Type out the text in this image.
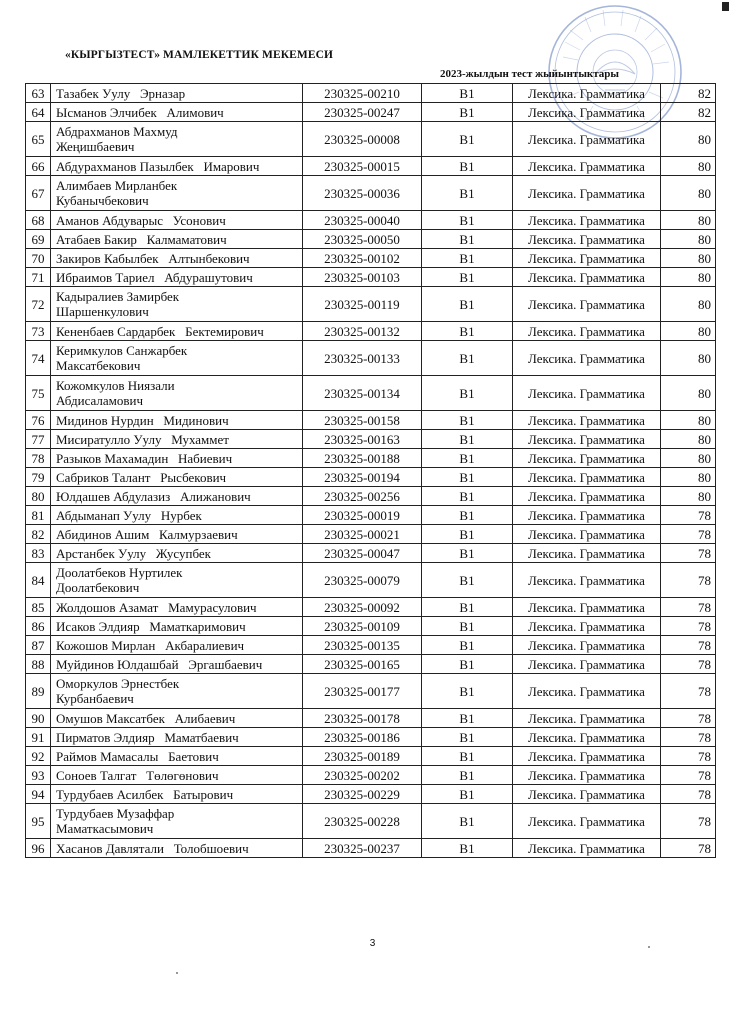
«КЫРГЫЗТЕСТ» МАМЛЕКЕТТИК МЕКЕМЕСИ
2023-жылдын тест жыйынтыктары
63	Тазабек Уулу   Эрназар	230325-00210	B1	Лексика. Грамматика	82
64	Ысманов Элчибек   Алимович	230325-00247	B1	Лексика. Грамматика	82
65	Абдрахманов Махмуд
Жеңишбаевич	230325-00008	B1	Лексика. Грамматика	80
66	Абдурахманов Пазылбек   Имарович	230325-00015	B1	Лексика. Грамматика	80
67	Алимбаев Мирланбек
Кубанычбекович	230325-00036	B1	Лексика. Грамматика	80
68	Аманов Абдуварыс   Усонович	230325-00040	B1	Лексика. Грамматика	80
69	Атабаев Бакир   Калмаматович	230325-00050	B1	Лексика. Грамматика	80
70	Закиров Кабылбек   Алтынбекович	230325-00102	B1	Лексика. Грамматика	80
71	Ибраимов Тариел   Абдурашутович	230325-00103	B1	Лексика. Грамматика	80
72	Кадыралиев Замирбек
Шаршенкулович	230325-00119	B1	Лексика. Грамматика	80
73	Кененбаев Сардарбек   Бектемирович	230325-00132	B1	Лексика. Грамматика	80
74	Керимкулов Санжарбек
Максатбекович	230325-00133	B1	Лексика. Грамматика	80
75	Кожомкулов Ниязали
Абдисаламович	230325-00134	B1	Лексика. Грамматика	80
76	Мидинов Нурдин   Мидинович	230325-00158	B1	Лексика. Грамматика	80
77	Мисиратулло Уулу   Мухаммет	230325-00163	B1	Лексика. Грамматика	80
78	Разыков Махамадин   Набиевич	230325-00188	B1	Лексика. Грамматика	80
79	Сабриков Талант   Рысбекович	230325-00194	B1	Лексика. Грамматика	80
80	Юлдашев Абдулазиз   Алижанович	230325-00256	B1	Лексика. Грамматика	80
81	Абдыманап Уулу   Нурбек	230325-00019	B1	Лексика. Грамматика	78
82	Абидинов Ашим   Калмурзаевич	230325-00021	B1	Лексика. Грамматика	78
83	Арстанбек Уулу   Жусупбек	230325-00047	B1	Лексика. Грамматика	78
84	Доолатбеков Нуртилек
Доолатбекович	230325-00079	B1	Лексика. Грамматика	78
85	Жолдошов Азамат   Мамурасулович	230325-00092	B1	Лексика. Грамматика	78
86	Исаков Элдияр   Маматкаримович	230325-00109	B1	Лексика. Грамматика	78
87	Кожошов Мирлан   Акбаралиевич	230325-00135	B1	Лексика. Грамматика	78
88	Муйдинов Юлдашбай   Эргашбаевич	230325-00165	B1	Лексика. Грамматика	78
89	Оморкулов Эрнестбек
Курбанбаевич	230325-00177	B1	Лексика. Грамматика	78
90	Омушов Максатбек   Алибаевич	230325-00178	B1	Лексика. Грамматика	78
91	Пирматов Элдияр   Маматбаевич	230325-00186	B1	Лексика. Грамматика	78
92	Раймов Мамасалы   Баетович	230325-00189	B1	Лексика. Грамматика	78
93	Соноев Талгат   Төлөгөнович	230325-00202	B1	Лексика. Грамматика	78
94	Турдубаев Асилбек   Батырович	230325-00229	B1	Лексика. Грамматика	78
95	Турдубаев Музаффар
Маматкасымович	230325-00228	B1	Лексика. Грамматика	78
96	Хасанов Давлятали   Толобшоевич	230325-00237	B1	Лексика. Грамматика	78
3
